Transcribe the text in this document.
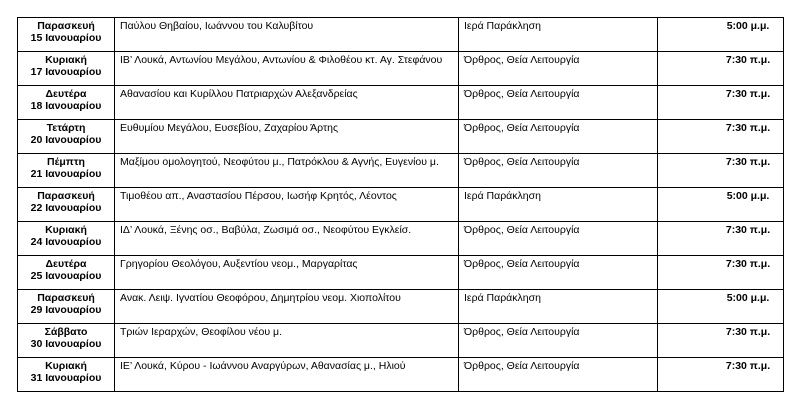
Παρασκευή
15 Ιανουαρίου	Παύλου Θηβαίου, Ιωάννου του Καλυβίτου	Ιερά Παράκληση	5:00 μ.μ.

Κυριακή
17 Ιανουαρίου	ΙΒ’ Λουκά, Αντωνίου Μεγάλου, Αντωνίου & Φιλοθέου κτ. Αγ. Στεφάνου	Όρθρος, Θεία Λειτουργία	7:30 π.μ.

Δευτέρα
18 Ιανουαρίου	Αθανασίου και Κυρίλλου Πατριαρχών Αλεξανδρείας	Όρθρος, Θεία Λειτουργία	7:30 π.μ.

Τετάρτη
20 Ιανουαρίου	Ευθυμίου Μεγάλου, Ευσεβίου, Ζαχαρίου Άρτης	Όρθρος, Θεία Λειτουργία	7:30 π.μ.

Πέμπτη
21 Ιανουαρίου	Μαξίμου ομολογητού, Νεοφύτου μ., Πατρόκλου & Αγνής, Ευγενίου μ.	Όρθρος, Θεία Λειτουργία	7:30 π.μ.

Παρασκευή
22 Ιανουαρίου	Τιμοθέου απ., Αναστασίου Πέρσου, Ιωσήφ Κρητός, Λέοντος	Ιερά Παράκληση	5:00 μ.μ.

Κυριακή
24 Ιανουαρίου	ΙΔ’ Λουκά, Ξένης οσ., Βαβύλα, Ζωσιμά οσ., Νεοφύτου Εγκλείσ.	Όρθρος, Θεία Λειτουργία	7:30 π.μ.

Δευτέρα
25 Ιανουαρίου	Γρηγορίου Θεολόγου, Αυξεντίου νεομ., Μαργαρίτας	Όρθρος, Θεία Λειτουργία	7:30 π.μ.

Παρασκευή
29 Ιανουαρίου	Ανακ. Λειψ. Ιγνατίου Θεοφόρου, Δημητρίου νεομ. Χιοπολίτου	Ιερά Παράκληση	5:00 μ.μ.

Σάββατο
30 Ιανουαρίου	Τριών Ιεραρχών, Θεοφίλου νέου μ.	Όρθρος, Θεία Λειτουργία	7:30 π.μ.

Κυριακή
31 Ιανουαρίου	ΙΕ’ Λουκά, Κύρου - Ιωάννου Αναργύρων, Αθανασίας μ., Ηλιού	Όρθρος, Θεία Λειτουργία	7:30 π.μ.
